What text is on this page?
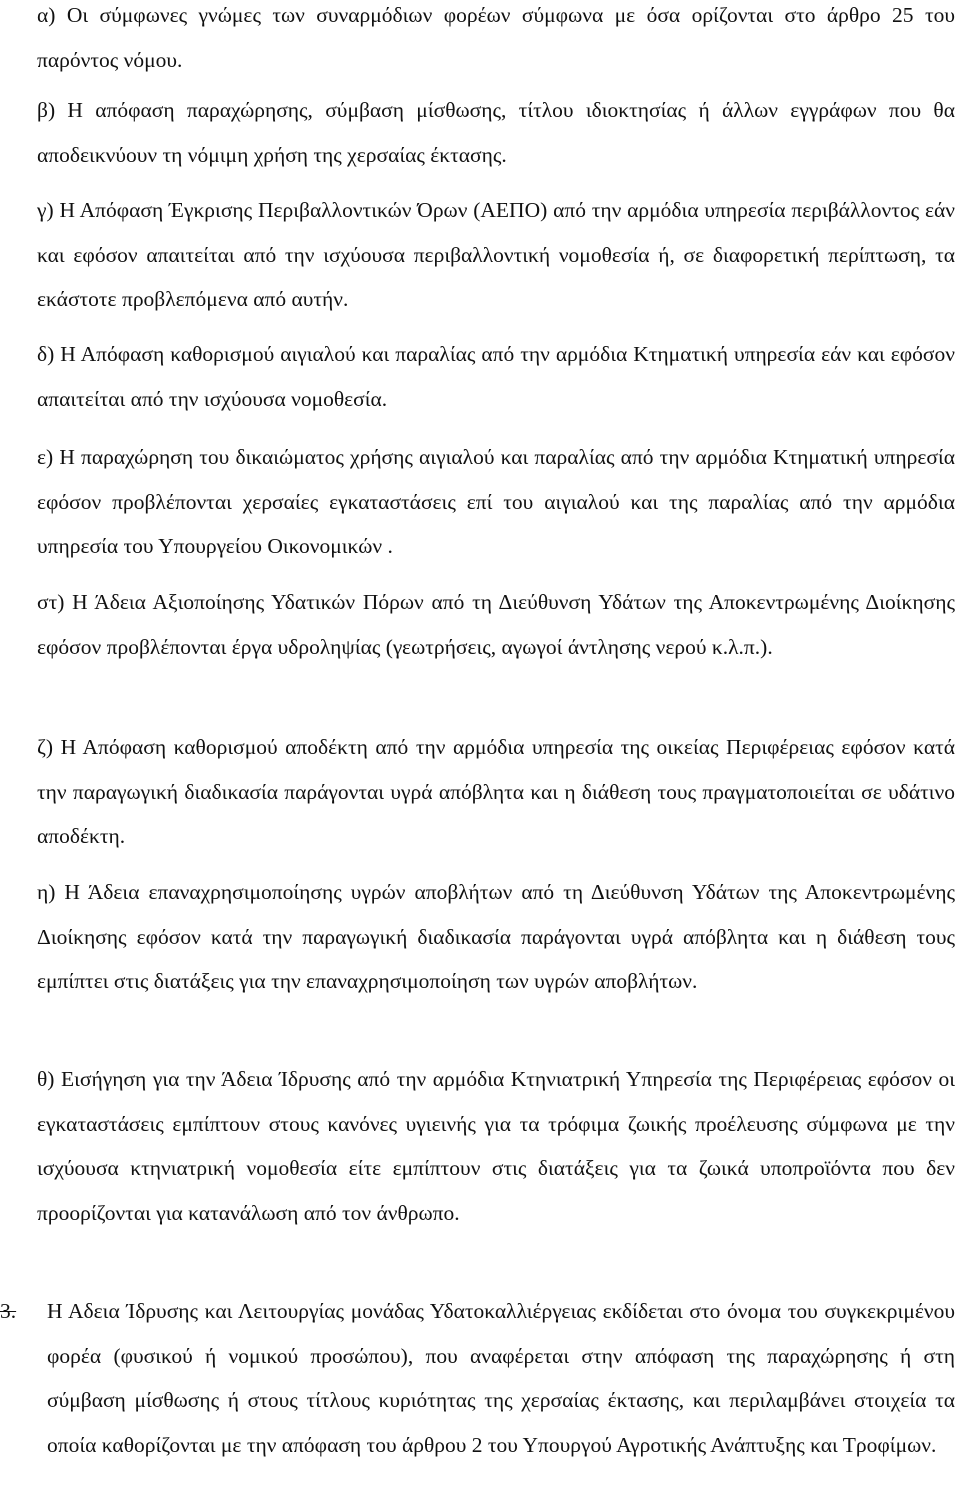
α) Οι σύμφωνες γνώμες των συναρμόδιων φορέων σύμφωνα με όσα ορίζονται στο άρθρο 25 του παρόντος νόμου.

β) Η απόφαση παραχώρησης, σύμβαση μίσθωσης, τίτλου ιδιοκτησίας ή άλλων εγγράφων που θα αποδεικνύουν τη νόμιμη χρήση της χερσαίας έκτασης.

γ) Η Απόφαση Έγκρισης Περιβαλλοντικών Όρων (ΑΕΠΟ) από την αρμόδια υπηρεσία περιβάλλοντος εάν και εφόσον απαιτείται από την ισχύουσα περιβαλλοντική νομοθεσία ή, σε διαφορετική περίπτωση, τα εκάστοτε προβλεπόμενα από αυτήν.

δ) Η Απόφαση καθορισμού αιγιαλού και παραλίας από την αρμόδια Κτηματική υπηρεσία εάν και εφόσον απαιτείται από την ισχύουσα νομοθεσία.

ε) Η παραχώρηση του δικαιώματος χρήσης αιγιαλού και παραλίας από την αρμόδια Κτηματική υπηρεσία εφόσον προβλέπονται χερσαίες εγκαταστάσεις επί του αιγιαλού και της παραλίας από την αρμόδια υπηρεσία του Υπουργείου Οικονομικών .

στ) Η Άδεια Αξιοποίησης Υδατικών Πόρων από τη Διεύθυνση Υδάτων της Αποκεντρωμένης Διοίκησης εφόσον προβλέπονται έργα υδροληψίας (γεωτρήσεις, αγωγοί άντλησης νερού κ.λ.π.).

ζ) Η Απόφαση καθορισμού αποδέκτη από την αρμόδια υπηρεσία της οικείας Περιφέρειας εφόσον κατά την παραγωγική διαδικασία παράγονται υγρά απόβλητα και η διάθεση τους πραγματοποιείται σε υδάτινο αποδέκτη.

η) Η Άδεια επαναχρησιμοποίησης υγρών αποβλήτων από τη Διεύθυνση Υδάτων της Αποκεντρωμένης Διοίκησης εφόσον κατά την παραγωγική διαδικασία παράγονται υγρά απόβλητα και η διάθεση τους εμπίπτει στις διατάξεις για την επαναχρησιμοποίηση των υγρών αποβλήτων.

θ) Εισήγηση για την Άδεια Ίδρυσης από την αρμόδια Κτηνιατρική Υπηρεσία της Περιφέρειας εφόσον οι εγκαταστάσεις εμπίπτουν στους κανόνες υγιεινής για τα τρόφιμα ζωικής προέλευσης σύμφωνα με την ισχύουσα κτηνιατρική νομοθεσία είτε εμπίπτουν στις διατάξεις για τα ζωικά υποπροϊόντα που δεν προορίζονται για κατανάλωση από τον άνθρωπο.

3.	Η Αδεια Ίδρυσης και Λειτουργίας μονάδας Υδατοκαλλιέργειας εκδίδεται στο όνομα του συγκεκριμένου φορέα (φυσικού ή νομικού προσώπου), που αναφέρεται στην απόφαση της παραχώρησης ή στη σύμβαση μίσθωσης ή στους τίτλους κυριότητας της χερσαίας έκτασης, και περιλαμβάνει στοιχεία τα οποία καθορίζονται με την απόφαση του άρθρου 2 του Υπουργού Αγροτικής Ανάπτυξης και Τροφίμων.
